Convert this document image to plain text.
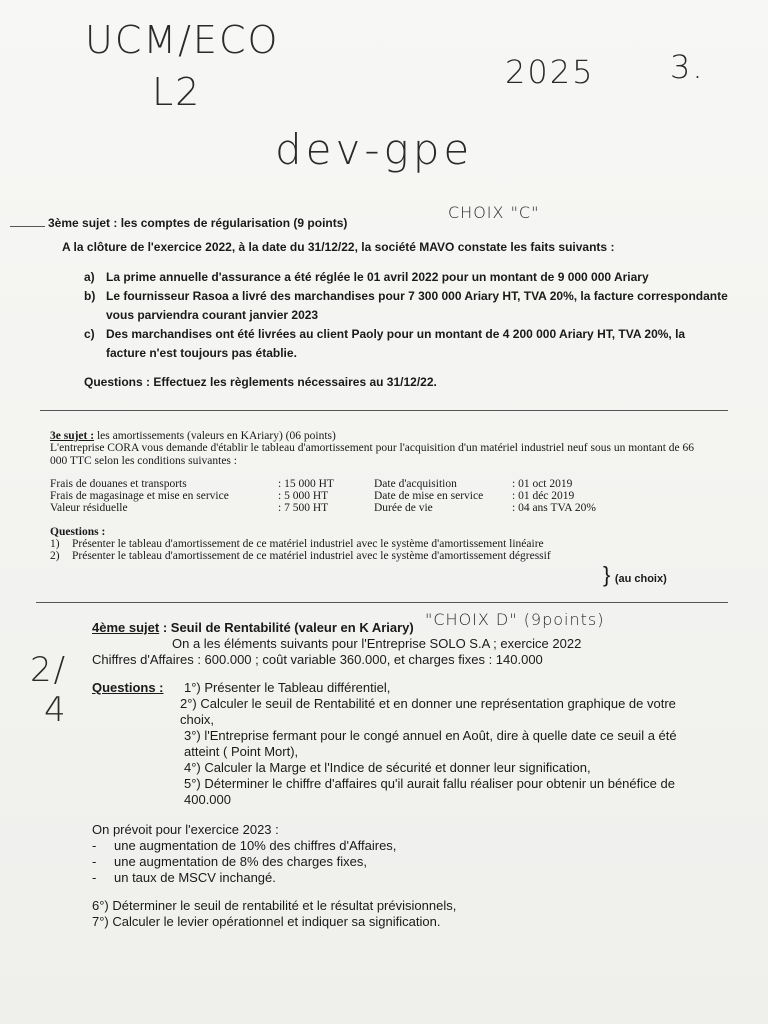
UCM/ECO
L2
dev-gpe
2025 3.
CHOIX "C"

3ème sujet : les comptes de régularisation (9 points)

A la clôture de l'exercice 2022, à la date du 31/12/22, la société MAVO constate les faits suivants :

a) La prime annuelle d'assurance a été réglée le 01 avril 2022 pour un montant de 9 000 000 Ariary
b) Le fournisseur Rasoa a livré des marchandises pour 7 300 000 Ariary HT, TVA 20%, la facture correspondante vous parviendra courant janvier 2023
c) Des marchandises ont été livrées au client Paoly pour un montant de 4 200 000 Ariary HT, TVA 20%, la facture n'est toujours pas établie.

Questions : Effectuez les règlements nécessaires au 31/12/22.

3e sujet : les amortissements (valeurs en KAriary) (06 points)
L'entreprise CORA vous demande d'établir le tableau d'amortissement pour l'acquisition d'un matériel industriel neuf sous un montant de 66 000 TTC selon les conditions suivantes :
Frais de douanes et transports	: 15 000 HT	Date d'acquisition	: 01 oct 2019
Frais de magasinage et mise en service	: 5 000 HT	Date de mise en service	: 01 déc 2019
Valeur résiduelle	: 7 500 HT	Durée de vie	: 04 ans TVA 20%
Questions :
1)	Présenter le tableau d'amortissement de ce matériel industriel avec le système d'amortissement linéaire
2)	Présenter le tableau d'amortissement de ce matériel industriel avec le système d'amortissement dégressif
} (au choix)
"CHOIX D" (9points)
2/
4
4ème sujet : Seuil de Rentabilité (valeur en K Ariary)
On a les éléments suivants pour l'Entreprise SOLO S.A ; exercice 2022
Chiffres d'Affaires : 600.000 ; coût variable 360.000, et charges fixes : 140.000
Questions :	1°) Présenter le Tableau différentiel,
2°) Calculer le seuil de Rentabilité et en donner une représentation graphique de votre choix,
3°) l'Entreprise fermant pour le congé annuel en Août, dire à quelle date ce seuil a été atteint ( Point Mort),
4°) Calculer la Marge et l'Indice de sécurité et donner leur signification,
5°) Déterminer le chiffre d'affaires qu'il aurait fallu réaliser pour obtenir un bénéfice de 400.000
On prévoit pour l'exercice 2023 :
-	une augmentation de 10% des chiffres d'Affaires,
-	une augmentation de 8% des charges fixes,
-	un taux de MSCV inchangé.
6°) Déterminer le seuil de rentabilité et le résultat prévisionnels,
7°) Calculer le levier opérationnel et indiquer sa signification.
